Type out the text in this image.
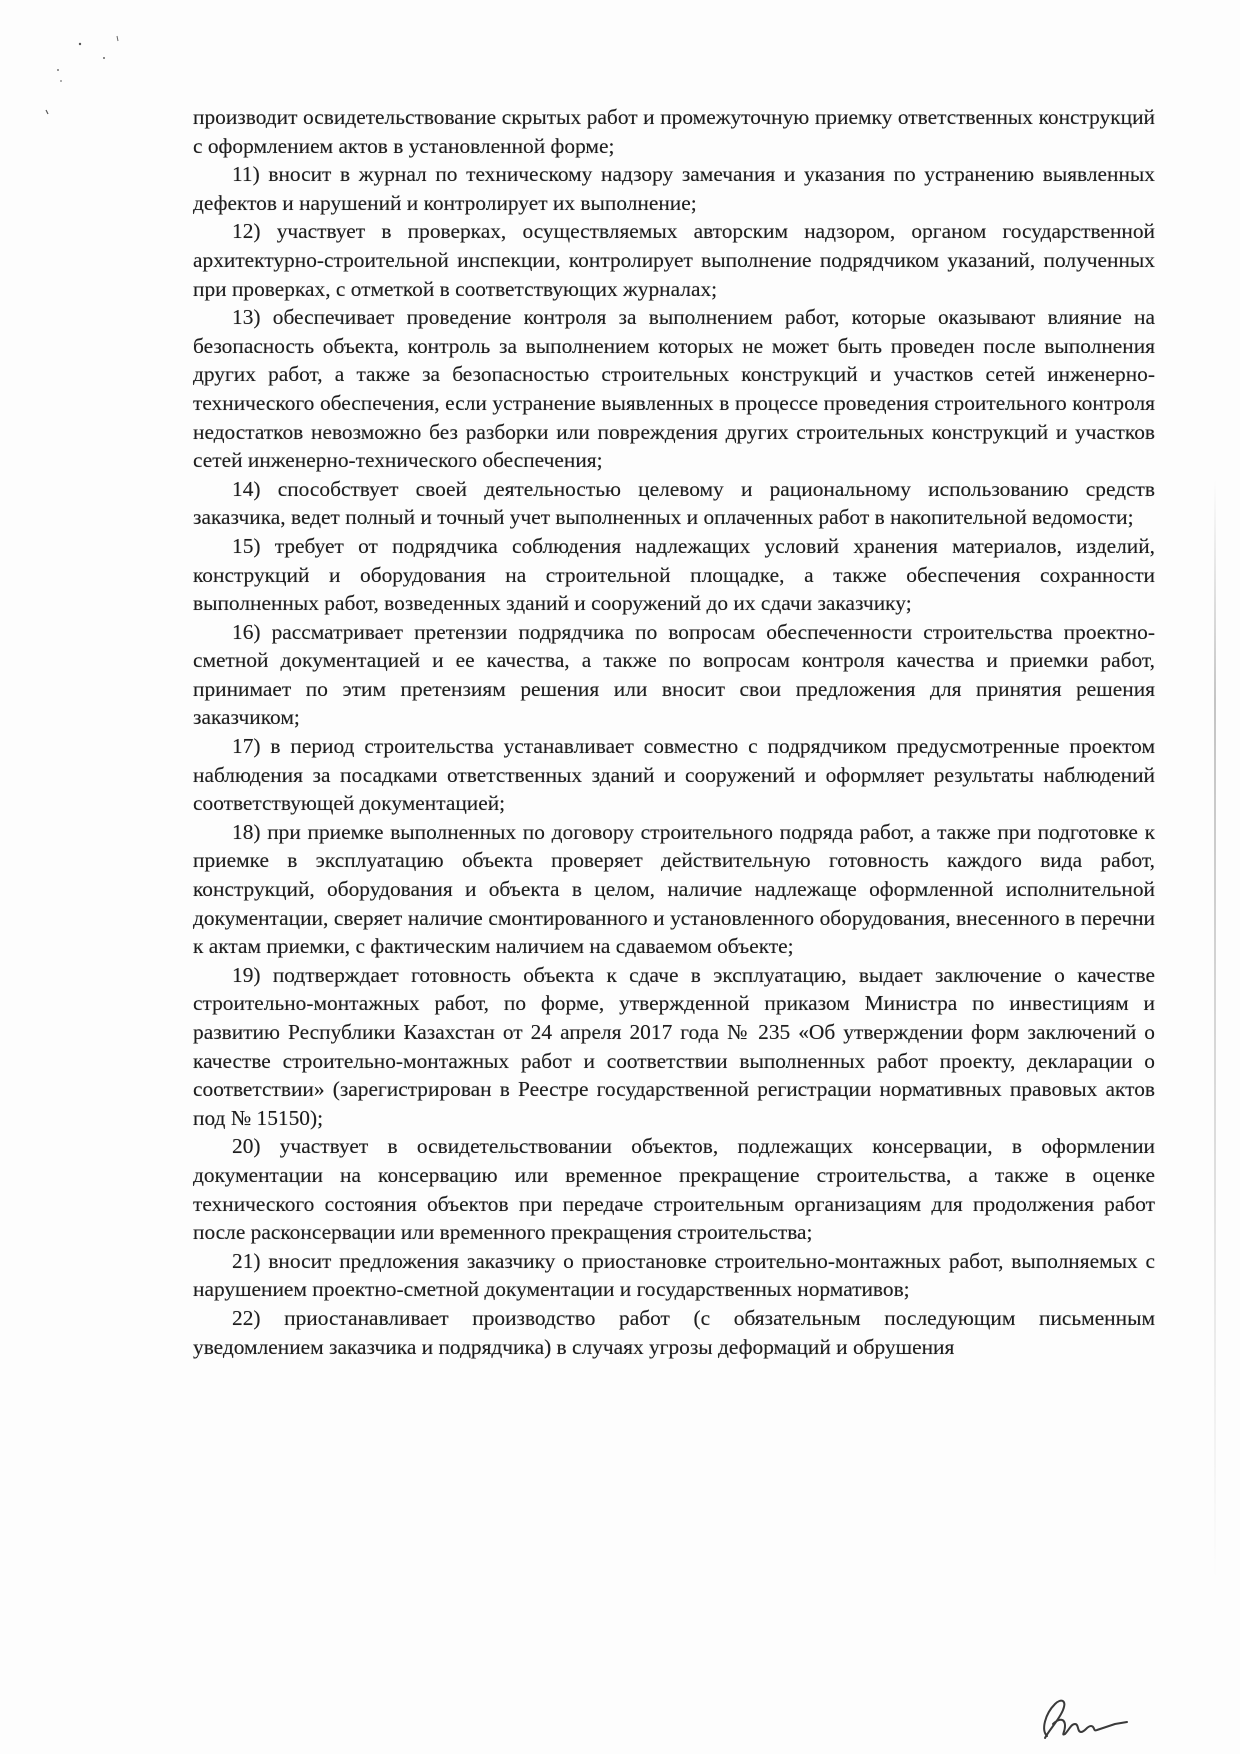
производит освидетельствование скрытых работ и промежуточную приемку ответственных конструкций с оформлением актов в установленной форме;

11) вносит в журнал по техническому надзору замечания и указания по устранению выявленных дефектов и нарушений и контролирует их выполнение;

12) участвует в проверках, осуществляемых авторским надзором, органом государственной архитектурно-строительной инспекции, контролирует выполнение подрядчиком указаний, полученных при проверках, с отметкой в соответствующих журналах;

13) обеспечивает проведение контроля за выполнением работ, которые оказывают влияние на безопасность объекта, контроль за выполнением которых не может быть проведен после выполнения других работ, а также за безопасностью строительных конструкций и участков сетей инженерно-технического обеспечения, если устранение выявленных в процессе проведения строительного контроля недостатков невозможно без разборки или повреждения других строительных конструкций и участков сетей инженерно-технического обеспечения;

14) способствует своей деятельностью целевому и рациональному использованию средств заказчика, ведет полный и точный учет выполненных и оплаченных работ в накопительной ведомости;

15) требует от подрядчика соблюдения надлежащих условий хранения материалов, изделий, конструкций и оборудования на строительной площадке, а также обеспечения сохранности выполненных работ, возведенных зданий и сооружений до их сдачи заказчику;

16) рассматривает претензии подрядчика по вопросам обеспеченности строительства проектно-сметной документацией и ее качества, а также по вопросам контроля качества и приемки работ, принимает по этим претензиям решения или вносит свои предложения для принятия решения заказчиком;

17) в период строительства устанавливает совместно с подрядчиком предусмотренные проектом наблюдения за посадками ответственных зданий и сооружений и оформляет результаты наблюдений соответствующей документацией;

18) при приемке выполненных по договору строительного подряда работ, а также при подготовке к приемке в эксплуатацию объекта проверяет действительную готовность каждого вида работ, конструкций, оборудования и объекта в целом, наличие надлежаще оформленной исполнительной документации, сверяет наличие смонтированного и установленного оборудования, внесенного в перечни к актам приемки, с фактическим наличием на сдаваемом объекте;

19) подтверждает готовность объекта к сдаче в эксплуатацию, выдает заключение о качестве строительно-монтажных работ, по форме, утвержденной приказом Министра по инвестициям и развитию Республики Казахстан от 24 апреля 2017 года № 235 «Об утверждении форм заключений о качестве строительно-монтажных работ и соответствии выполненных работ проекту, декларации о соответствии» (зарегистрирован в Реестре государственной регистрации нормативных правовых актов под № 15150);

20) участвует в освидетельствовании объектов, подлежащих консервации, в оформлении документации на консервацию или временное прекращение строительства, а также в оценке технического состояния объектов при передаче строительным организациям для продолжения работ после расконсервации или временного прекращения строительства;

21) вносит предложения заказчику о приостановке строительно-монтажных работ, выполняемых с нарушением проектно-сметной документации и государственных нормативов;

22) приостанавливает производство работ (с обязательным последующим письменным уведомлением заказчика и подрядчика) в случаях угрозы деформаций и обрушения
